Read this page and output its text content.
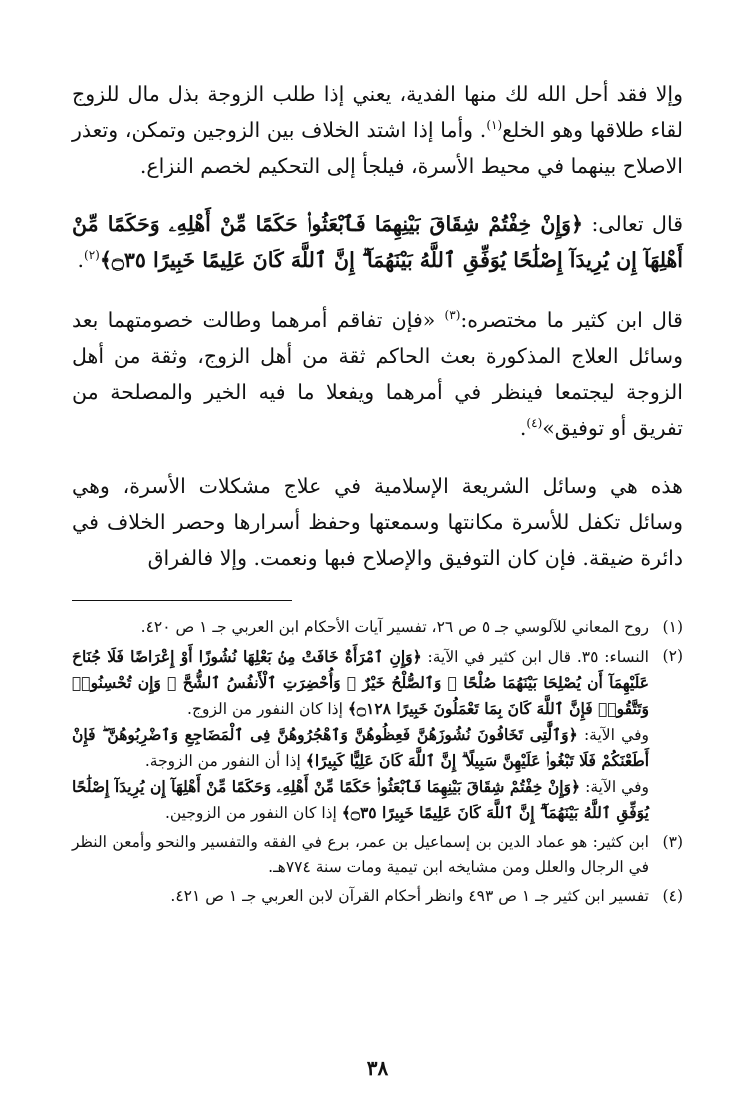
وإلا فقد أحل الله لك منها الفدية، يعني إذا طلب الزوجة بذل مال للزوج لقاء طلاقها وهو الخلع$^{(١)}$. وأما إذا اشتد الخلاف بين الزوجين وتمكن، وتعذر الاصلاح بينهما في محيط الأسرة، فيلجأ إلى التحكيم لخصم النزاع.

قال تعالى: ﴿وَإِنْ خِفْتُمْ شِقَاقَ بَيْنِهِمَا فَٱبْعَثُوا۟ حَكَمًا مِّنْ أَهْلِهِۦ وَحَكَمًا مِّنْ أَهْلِهَآ إِن يُرِيدَآ إِصْلَٰحًا يُوَفِّقِ ٱللَّهُ بَيْنَهُمَآ ۗ إِنَّ ٱللَّهَ كَانَ عَلِيمًا خَبِيرًا ۝٣٥﴾$^{(٢)}$.

قال ابن كثير ما مختصره:$^{(٣)}$ «فإن تفاقم أمرهما وطالت خصومتهما بعد وسائل العلاج المذكورة بعث الحاكم ثقة من أهل الزوج، وثقة من أهل الزوجة ليجتمعا فينظر في أمرهما ويفعلا ما فيه الخير والمصلحة من تفريق أو توفيق»$^{(٤)}$.

هذه هي وسائل الشريعة الإسلامية في علاج مشكلات الأسرة، وهي وسائل تكفل للأسرة مكانتها وسمعتها وحفظ أسرارها وحصر الخلاف في دائرة ضيقة. فإن كان التوفيق والإصلاح فبها ونعمت. وإلا فالفراق

(١)
روح المعاني للآلوسي جـ ٥ ص ٢٦، تفسير آيات الأحكام ابن العربي جـ ١ ص ٤٢٠.
(٢)

النساء: ٣٥. قال ابن كثير في الآية: ﴿وَإِنِ ٱمْرَأَةٌ خَافَتْ مِنۢ بَعْلِهَا نُشُوزًا أَوْ إِعْرَاضًا فَلَا جُنَاحَ عَلَيْهِمَآ أَن يُصْلِحَا بَيْنَهُمَا صُلْحًا ۚ وَٱلصُّلْحُ خَيْرٌ ۗ وَأُحْضِرَتِ ٱلْأَنفُسُ ٱلشُّحَّ ۚ وَإِن تُحْسِنُوا۟ وَتَتَّقُوا۟ فَإِنَّ ٱللَّهَ كَانَ بِمَا تَعْمَلُونَ خَبِيرًا ۝١٢٨﴾ إذا كان النفور من الزوج.

وفي الآية: ﴿وَٱلَّٰتِى تَخَافُونَ نُشُوزَهُنَّ فَعِظُوهُنَّ وَٱهْجُرُوهُنَّ فِى ٱلْمَضَاجِعِ وَٱضْرِبُوهُنَّ ۖ فَإِنْ أَطَعْنَكُمْ فَلَا تَبْغُوا۟ عَلَيْهِنَّ سَبِيلًا ۗ إِنَّ ٱللَّهَ كَانَ عَلِيًّا كَبِيرًا﴾ إذا أن النفور من الزوجة.

وفي الآية: ﴿وَإِنْ خِفْتُمْ شِقَاقَ بَيْنِهِمَا فَٱبْعَثُوا۟ حَكَمًا مِّنْ أَهْلِهِۦ وَحَكَمًا مِّنْ أَهْلِهَآ إِن يُرِيدَآ إِصْلَٰحًا يُوَفِّقِ ٱللَّهُ بَيْنَهُمَآ ۗ إِنَّ ٱللَّهَ كَانَ عَلِيمًا خَبِيرًا ۝٣٥﴾ إذا كان النفور من الزوجين.

(٣)
ابن كثير: هو عماد الدين بن إسماعيل بن عمر، برع في الفقه والتفسير والنحو وأمعن النظر في الرجال والعلل ومن مشايخه ابن تيمية ومات سنة ٧٧٤هـ.
(٤)
تفسير ابن كثير جـ ١ ص ٤٩٣ وانظر أحكام القرآن لابن العربي جـ ١ ص ٤٢١.
٣٨
